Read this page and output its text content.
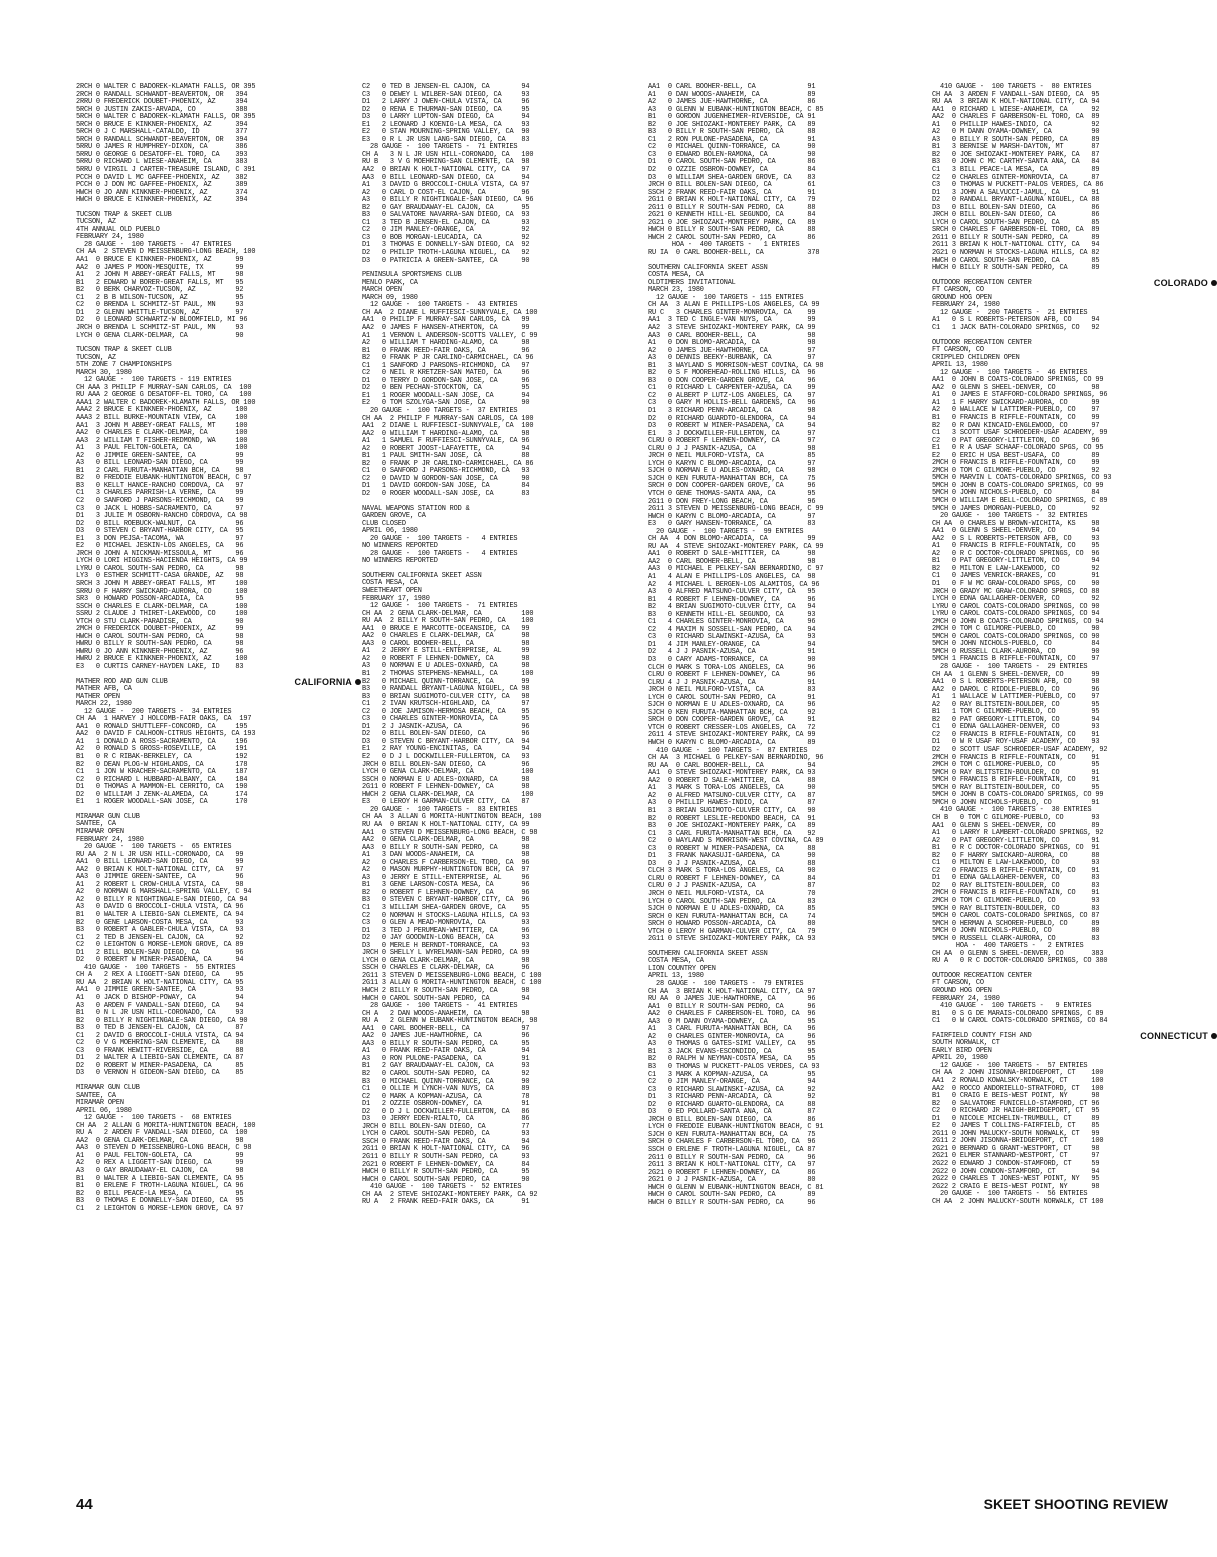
2RCH 0 WALTER C BADOREK-KLAMATH FALLS, OR 395
2RCH 0 RANDALL SCHWANDT-BEAVERTON, OR   394
2RRU 0 FREDERICK DOUBET-PHOENIX, AZ     394
5RCH 0 JUSTIN ZAKIS-ARVADA, CO          388
5RCH 0 WALTER C BADOREK-KLAMATH FALLS, OR 395
5RCH 0 BRUCE E KINKNER-PHOENIX, AZ      394
5RCH 0 J C MARSHALL-CATALDO, ID         377
5RCH 0 RANDALL SCHWANDT-BEAVERTON, OR   394
5RRU 0 JAMES R HUMPHREY-DIXON, CA       386
5RRU 0 GEORGE G DESATOFF-EL TORO, CA    393
5RRU 0 RICHARD L WIESE-ANAHEIM, CA      383
5RRU 0 VIRGIL J CARTER-TREASURE ISLAND, C 391
PCCH 0 DAVID L MC GAFFEE-PHOENIX, AZ    382
PCCH 0 J DON MC GAFFEE-PHOENIX, AZ      389
HWCH 0 JO ANN KINKNER-PHOENIX, AZ       374
HWCH 0 BRUCE E KINKNER-PHOENIX, AZ      394
TUCSON TRAP & SKEET CLUB
TUCSON, AZ
4TH ANNUAL OLD PUEBLO
FEBRUARY 24, 1980
28 GAUGE -  100 TARGETS -  47 ENTRIES
CH AA  2 STEVEN D MEISSENBURG-LONG BEACH, 100
AA1  0 BRUCE E KINKNER-PHOENIX, AZ      99
AA2  0 JAMES P MOON-MESQUITE, TX        99
A1   2 JOHN M ABBEY-GREAT FALLS, MT     98
B1   2 EDWARD W BORER-GREAT FALLS, MT   95
B2   0 BERK CHARVOZ-TUCSON, AZ          92
C1   2 B B WILSON-TUCSON, AZ            95
C2   0 BRENDA L SCHMITZ-ST PAUL, MN     93
D1   2 GLENN WHITTLE-TUCSON, AZ         97
D2   0 LEONARD SCHWARTZ-W BLOOMFIELD, MI 96
JRCH 0 BRENDA L SCHMITZ-ST PAUL, MN     93
LYCH 0 GENA CLARK-DELMAR, CA            90
TUCSON TRAP & SKEET CLUB
TUCSON, AZ
5TH ZONE 7 CHAMPIONSHIPS
MARCH 30, 1980
12 GAUGE -  100 TARGETS - 119 ENTRIES
CH AAA 3 PHILIP F MURRAY-SAN CARLOS, CA  100
RU AAA 2 GEORGE G DESATOFF-EL TORO, CA   100
AAA1 2 WALTER C BADOREK-KLAMATH FALLS, OR 100
AAA2 2 BRUCE E KINKNER-PHOENIX, AZ      100
AAA3 2 BILL BURKE-MOUNTAIN VIEW, CA     100
AA1  3 JOHN M ABBEY-GREAT FALLS, MT     100
AA2  0 CHARLES E CLARK-DELMAR, CA       100
AA3  2 WILLIAM T FISHER-REDMOND, WA     100
A1   3 PAUL FELTON-GOLETA, CA           100
A2   0 JIMMIE GREEN-SANTEE, CA          99
A3   0 BILL LEONARD-SAN DIEGO, CA       99
B1   2 CARL FURUTA-MANHATTAN BCH, CA    98
B2   0 FREDDIE EUBANK-HUNTINGTON BEACH, C 97
B3   0 KELLT HANCE-RANCHO CORDOVA, CA   97
C1   3 CHARLES PARRISH-LA VERNE, CA     99
C2   0 SANFORD J PARSONS-RICHMOND, CA   99
C3   0 JACK L HOBBS-SACRAMENTO, CA      97
D1   3 JULIE M OSBORN-RANCHO CORDOVA, CA 98
D2   0 BILL ROEBUCK-WALNUT, CA          96
D3   0 STEVEN C BRYANT-HARBOR CITY, CA  95
E1   3 DON PEJSA-TACOMA, WA             97
E2   0 MICHAEL JESKIN-LOS ANGELES, CA   96
JRCH 0 JOHN A NICKMAN-MISSOULA, MT      96
LYCH 0 LORI HIGGINS-HACIENDA HEIGHTS, CA 99
LYRU 0 CAROL SOUTH-SAN PEDRO, CA        98
LY3  0 ESTHER SCHMITT-CASA GRANDE, AZ   98
SRCH 3 JOHN M ABBEY-GREAT FALLS, MT     100
SRRU 0 F HARRY SWICKARD-AURORA, CO      100
SR3  0 HOWARD POSSON-ARCADIA, CA        95
SSCH 0 CHARLES E CLARK-DELMAR, CA       100
SSRU 2 CLAUDE J THIRET-LAKEWOOD, CO     100
VTCH 0 STU CLARK-PARADISE, CA           90
2MCH 0 FREDERICK DOUBET-PHOENIX, AZ     99
HWCH 0 CAROL SOUTH-SAN PEDRO, CA        98
HWRU 0 BILLY R SOUTH-SAN PEDRO, CA      98
HWRU 0 JO ANN KINKNER-PHOENIX, AZ       96
HWRU 2 BRUCE E KINKNER-PHOENIX, AZ      100
E3   0 CURTIS CARNEY-HAYDEN LAKE, ID    83
MATHER ROD AND GUN CLUB	CALIFORNIA
MATHER AFB, CA
MATHER OPEN
MARCH 22, 1980
12 GAUGE -  200 TARGETS -  34 ENTRIES
CH AA  1 HARVEY J HOLCOMB-FAIR OAKS, CA  197
AA1  0 RONALD SHUTTLEFF-CONCORD, CA     195
AA2  0 DAVID F CALHOON-CITRUS HEIGHTS, CA 193
A1   1 DONALD A ROSS-SACRAMENTO, CA     196
A2   0 RONALD S GROSS-ROSEVILLE, CA     191
B1   0 R C RIBAK-BERKELEY, CA           192
B2   0 DEAN PLOG-W HIGHLANDS, CA        178
C1   1 JON W KRACHER-SACRAMENTO, CA     187
C2   0 RICHARD L HUBBARD-ALBANY, CA     184
D1   0 THOMAS A MAMMON-EL CERRITO, CA   190
D2   0 WILLIAM J ZENK-ALAMEDA, CA       174
E1   1 ROGER WOODALL-SAN JOSE, CA       170
MIRAMAR GUN CLUB
SANTEE, CA
MIRAMAR OPEN
FEBRUARY 24, 1980
20 GAUGE -  100 TARGETS -  65 ENTRIES
RU AA  2 N L JR USN HILL-CORONADO, CA   99
AA1  0 BILL LEONARD-SAN DIEGO, CA       99
AA2  0 BRIAN K HOLT-NATIONAL CITY, CA   97
AA3  0 JIMMIE GREEN-SANTEE, CA          96
A1   2 ROBERT L CROW-CHULA VISTA, CA    98
A2   0 NORMAN G MARSHALL-SPRING VALLEY, C 94
A2   0 BILLY R NIGHTINGALE-SAN DIEGO, CA 94
A3   0 DAVID G BROCCOLI-CHULA VISTA, CA 96
B1   0 WALTER A LIEBIG-SAN CLEMENTE, CA 94
B2   0 GENE LARSON-COSTA MESA, CA       93
B3   0 ROBERT A GABLER-CHULA VISTA, CA  93
C1   2 TED B JENSEN-EL CAJON, CA        92
C2   0 LEIGHTON G MORSE-LEMON GROVE, CA 89
D1   2 BILL BOLEN-SAN DIEGO, CA         96
D2   0 ROBERT W MINER-PASADENA, CA      94
410 GAUGE -  100 TARGETS -  55 ENTRIES
CH A   2 REX A LIGGETT-SAN DIEGO, CA    95
RU AA  2 BRIAN K HOLT-NATIONAL CITY, CA 95
AA1  0 JIMMIE GREEN-SANTEE, CA          93
A1   0 JACK D BISHOP-POWAY, CA          94
A3   0 ARDEN F VANDALL-SAN DIEGO, CA    94
B1   0 N L JR USN HILL-CORONADO, CA     93
B2   0 BILLY R NIGHTINGALE-SAN DIEGO, CA 90
B3   0 TED B JENSEN-EL CAJON, CA        87
C1   2 DAVID G BROCCOLI-CHULA VISTA, CA 94
C2   0 V G MOEHRING-SAN CLEMENTE, CA    88
C3   0 FRANK HEWITT-RIVERSIDE, CA       88
D1   2 WALTER A LIEBIG-SAN CLEMENTE, CA 87
D2   0 ROBERT W MINER-PASADENA, CA      85
D3   0 VERNON H GIDEON-SAN DIEGO, CA    85
MIRAMAR GUN CLUB
SANTEE, CA
MIRAMAR OPEN
APRIL 06, 1980
12 GAUGE -  100 TARGETS -  68 ENTRIES
CH AA  2 ALLAN G MORITA-HUNTINGTON BEACH, 100
RU A   2 ARDEN F VANDALL-SAN DIEGO, CA  100
AA2  0 GENA CLARK-DELMAR, CA            98
AA3  0 STEVEN D MEISSENBURG-LONG BEACH, C 98
A1   0 PAUL FELTON-GOLETA, CA           99
A2   0 REX A LIGGETT-SAN DIEGO, CA      99
A3   0 GAY BRAUDAWAY-EL CAJON, CA       98
B1   0 WALTER A LIEBIG-SAN CLEMENTE, CA 95
B1   0 ERLENE F TROTH-LAGUNA NIGUEL, CA 96
B2   0 BILL PEACE-LA MESA, CA           95
B3   0 THOMAS E DONNELLY-SAN DIEGO, CA  95
C1   2 LEIGHTON G MORSE-LEMON GROVE, CA 97
C2   0 TED B JENSEN-EL CAJON, CA        94
C3   0 DEWEY L WILBER-SAN DIEGO, CA     93
D1   2 LARRY J OWEN-CHULA VISTA, CA     96
D2   0 RENA E THURMAN-SAN DIEGO, CA     95
D3   0 LARRY LUPTON-SAN DIEGO, CA       94
E1   2 LEONARD J KOENIG-LA MESA, CA     93
E2   0 STAN MOURNING-SPRING VALLEY, CA  90
E3   0 R L JR USN LANG-SAN DIEGO, CA    83
28 GAUGE -  100 TARGETS -  71 ENTRIES
CH A   3 N L JR USN HILL-CORONADO, CA   100
RU B   3 V G MOEHRING-SAN CLEMENTE, CA  98
AA2  0 BRIAN K HOLT-NATIONAL CITY, CA   97
AA3  0 BILL LEONARD-SAN DIEGO, CA       94
A1   3 DAVID G BROCCOLI-CHULA VISTA, CA 97
A2   0 CARL D COST-EL CAJON, CA         96
A3   0 BILLY R NIGHTINGALE-SAN DIEGO, CA 96
B2   0 GAY BRAUDAWAY-EL CAJON, CA       95
B3   0 SALVATORE NAVARRA-SAN DIEGO, CA  93
C1   3 TED B JENSEN-EL CAJON, CA        93
C2   0 JIM MANLEY-ORANGE, CA            92
C3   0 BOB MORGAN-LEUCADIA, CA          92
D1   3 THOMAS E DONNELLY-SAN DIEGO, CA  92
D2   0 PHILIP TROTH-LAGUNA NIGUEL, CA   92
D3   0 PATRICIA A GREEN-SANTEE, CA      90
PENINSULA SPORTSMENS CLUB
MENLO PARK, CA
MARCH OPEN
MARCH 09, 1980
12 GAUGE -  100 TARGETS -  43 ENTRIES
CH AA  2 DIANE L RUFFIESCI-SUNNYVALE, CA 100
AA1  0 PHILIP F MURRAY-SAN CARLOS, CA   99
AA2  0 JAMES F HANSEN-ATHERTON, CA      99
A1   1 VERNON L ANDERSON-SCOTTS VALLEY, C 99
A2   0 WILLIAM T HARDING-ALAMO, CA      98
B1   0 FRANK REED-FAIR OAKS, CA         96
B2   0 FRANK P JR CARLINO-CARMICHAEL, CA 96
C1   1 SANFORD J PARSONS-RICHMOND, CA   97
C2   0 NEIL R KRETZER-SAN MATEO, CA     96
D1   0 TERRY D GORDON-SAN JOSE, CA      96
D2   0 BEN PECHAN-STOCKTON, CA          95
E1   1 ROGER WOODALL-SAN JOSE, CA       94
E2   0 TOM SZOLYGA-SAN JOSE, CA         90
20 GAUGE -  100 TARGETS -  37 ENTRIES
CH AA  2 PHILIP F MURRAY-SAN CARLOS, CA 100
AA1  2 DIANE L RUFFIESCI-SUNNYVALE, CA  100
AA2  0 WILLIAM T HARDING-ALAMO, CA      98
A1   1 SAMUEL F RUFFIESCI-SUNNYVALE, CA 96
A2   0 ROBERT JOOST-LAFAYETTE, CA       94
B1   1 PAUL SMITH-SAN JOSE, CA          88
B2   0 FRANK P JR CARLINO-CARMICHAEL, CA 86
C1   0 SANFORD J PARSONS-RICHMOND, CA   93
C2   0 DAVID W GORDON-SAN JOSE, CA      90
D1   1 DAVID GORDON-SAN JOSE, CA        84
D2   0 ROGER WOODALL-SAN JOSE, CA       83
NAVAL WEAPONS STATION ROD &
GARDEN GROVE, CA
CLUB CLOSED
APRIL 06, 1980
20 GAUGE -  100 TARGETS -   4 ENTRIES
NO WINNERS REPORTED
28 GAUGE -  100 TARGETS -   4 ENTRIES
NO WINNERS REPORTED
SOUTHERN CALIFORNIA SKEET ASSN
COSTA MESA, CA
SWEETHEART OPEN
FEBRUARY 17, 1980
12 GAUGE -  100 TARGETS -  71 ENTRIES
CH AA  2 GENA CLARK-DELMAR, CA          100
RU AA  2 BILLY R SOUTH-SAN PEDRO, CA    100
AA1  0 BRUCE E MARCOTTE-OCEANSIDE, CA   99
AA2  0 CHARLES E CLARK-DELMAR, CA       98
AA3  0 CAROL BOOHER-BELL, CA            98
A1   2 JERRY E STILL-ENTERPRISE, AL     99
A2   0 ROBERT F LEHNEN-DOWNEY, CA       98
A3   0 NORMAN E U ADLES-OXNARD, CA      98
B1   2 THOMAS STEPHENS-NEWHALL, CA      100
B2   0 MICHAEL QUINN-TORRANCE, CA       99
B3   0 RANDALL BRYANT-LAGUNA NIGUEL, CA 98
B3   0 BRIAN SUGIMOTO-CULVER CITY, CA   98
C1   2 IVAN KRUTSCH-HIGHLAND, CA        97
C2   0 JOE JAMISON-HERMOSA BEACH, CA    95
C3   0 CHARLES GINTER-MONROVIA, CA      95
D1   2 J JASNIK-AZUSA, CA               96
D2   0 BILL BOLEN-SAN DIEGO, CA         96
D3   0 STEVEN C BRYANT-HARBOR CITY, CA  94
E1   2 RAY YOUNG-ENCINITAS, CA          94
E2   0 D J L DOCKWILLER-FULLERTON, CA   93
JRCH 0 BILL BOLEN-SAN DIEGO, CA         96
LYCH 0 GENA CLARK-DELMAR, CA            100
SSCH 0 NORMAN E U ADLES-OXNARD, CA      98
2G11 0 ROBERT F LEHNEN-DOWNEY, CA       98
HWCH 2 GENA CLARK-DELMAR, CA            100
E3   0 LEROY H GARMAN-CULVER CITY, CA   87
20 GAUGE -  100 TARGETS -  83 ENTRIES
CH AA  3 ALLAN G MORITA-HUNTINGTON BEACH, 100
RU AA  0 BRIAN K HOLT-NATIONAL CITY, CA 99
AA1  0 STEVEN D MEISSENBURG-LONG BEACH, C 98
AA2  0 GENA CLARK-DELMAR, CA            98
AA3  0 BILLY R SOUTH-SAN PEDRO, CA      98
A1   3 DAN WOODS-ANAHEIM, CA            98
A2   0 CHARLES F CARBERSON-EL TORO, CA  96
A2   0 MASON MURPHY-HUNTINGTON BCH, CA  97
A3   0 JERRY E STILL-ENTERPRISE, AL     96
B1   3 GENE LARSON-COSTA MESA, CA       96
B2   0 ROBERT F LEHNEN-DOWNEY, CA       96
B3   0 STEVEN C BRYANT-HARBOR CITY, CA  96
C1   3 WILLIAM SHEA-GARDEN GROVE, CA    95
C2   0 NORMAN H STOCKS-LAGUNA HILLS, CA 93
C3   0 GLEN A MEAD-MONROVIA, CA         93
D1   3 TED J PERUMEAN-WHITTIER, CA      96
D2   0 JAY GOODWIN-LONG BEACH, CA       93
D3   0 MERLE H BERNDT-TORRANCE, CA      93
JRCH 0 SHELLY L WYRELMANN-SAN PEDRO, CA 99
LYCH 0 GENA CLARK-DELMAR, CA            98
SSCH 0 CHARLES E CLARK-DELMAR, CA       96
2G11 3 STEVEN D MEISSENBURG-LONG BEACH, C 100
2G11 3 ALLAN G MORITA-HUNTINGTON BEACH, C 100
HWCH 2 BILLY R SOUTH-SAN PEDRO, CA      98
HWCH 0 CAROL SOUTH-SAN PEDRO, CA        94
28 GAUGE -  100 TARGETS -  41 ENTRIES
CH A   2 DAN WOODS-ANAHEIM, CA          98
RU A   2 GLENN W EUBANK-HUNTINGTON BEACH, 98
AA1  0 CARL BOOHER-BELL, CA             97
AA2  0 JAMES JUE-HAWTHORNE, CA          96
AA3  0 BILLY R SOUTH-SAN PEDRO, CA      95
A1   0 FRANK REED-FAIR OAKS, CA         94
A3   0 RON PULONE-PASADENA, CA          91
B1   2 GAY BRAUDAWAY-EL CAJON, CA       93
B2   0 CAROL SOUTH-SAN PEDRO, CA        92
B3   0 MICHAEL QUINN-TORRANCE, CA       90
C1   0 OLLIE M LYNCH-VAN NUYS, CA       89
C2   0 MARK A KOPMAN-AZUSA, CA          78
D1   2 OZZIE OSBRON-DOWNEY, CA          91
D2   0 D J L DOCKWILLER-FULLERTON, CA   86
D3   0 JERRY EDEN-RIALTO, CA            86
JRCH 0 BILL BOLEN-SAN DIEGO, CA         77
LYCH 0 CAROL SOUTH-SAN PEDRO, CA        93
SSCH 0 FRANK REED-FAIR OAKS, CA         94
2G11 0 BRIAN K HOLT-NATIONAL CITY, CA   96
2G11 0 BILLY R SOUTH-SAN PEDRO, CA      93
2G21 0 ROBERT F LEHNEN-DOWNEY, CA       84
HWCH 0 BILLY R SOUTH-SAN PEDRO, CA      95
HWCH 0 CAROL SOUTH-SAN PEDRO, CA        90
410 GAUGE -  100 TARGETS -  52 ENTRIES
CH AA  2 STEVE SHIOZAKI-MONTEREY PARK, CA 92
RU A   2 FRANK REED-FAIR OAKS, CA       91
AA1  0 CARL BOOHER-BELL, CA             91
A1   0 DAN WOODS-ANAHEIM, CA            89
A2   0 JAMES JUE-HAWTHORNE, CA          86
A3   0 GLENN W EUBANK-HUNTINGTON BEACH, C 85
B1   0 GORDON JUGENHEIMER-RIVERSIDE, CA 91
B2   0 JOE SHIOZAKI-MONTEREY PARK, CA   89
B3   0 BILLY R SOUTH-SAN PEDRO, CA      88
C1   2 RON PULONE-PASADENA, CA          91
C2   0 MICHAEL QUINN-TORRANCE, CA       90
C3   0 EDWARD BOLEN-RAMONA, CA          90
D1   0 CAROL SOUTH-SAN PEDRO, CA        86
D2   0 OZZIE OSBRON-DOWNEY, CA          84
D3   0 WILLIAM SHEA-GARDEN GROVE, CA    83
JRCH 0 BILL BOLEN-SAN DIEGO, CA         61
SSCH 2 FRANK REED-FAIR OAKS, CA         91
2G11 0 BRIAN K HOLT-NATIONAL CITY, CA   79
2G11 0 BILLY R SOUTH-SAN PEDRO, CA      88
2G21 0 KENNETH HILL-EL SEGUNDO, CA      84
2G21 0 JOE SHIOZAKI-MONTEREY PARK, CA   89
HWCH 0 BILLY R SOUTH-SAN PEDRO, CA      88
HWCH 2 CAROL SOUTH-SAN PEDRO, CA        86
HOA -  400 TARGETS -   1 ENTRIES
RU IA  0 CARL BOOHER-BELL, CA           378
SOUTHERN CALIFORNIA SKEET ASSN
COSTA MESA, CA
OLDTIMERS INVITATIONAL
MARCH 23, 1980
12 GAUGE -  100 TARGETS - 115 ENTRIES
CH AA  3 ALAN E PHILLIPS-LOS ANGELES, CA 99
RU C   3 CHARLES GINTER-MONROVIA, CA    99
AA1  3 TED C INGLE-VAN NUYS, CA         99
AA2  3 STEVE SHIOZAKI-MONTEREY PARK, CA 99
AA3  0 CARL BOOHER-BELL, CA             98
A1   0 DON BLOMO-ARCADIA, CA            98
A2   0 JAMES JUE-HAWTHORNE, CA          97
A3   0 DENNIS BEEKY-BURBANK, CA         97
B1   3 WAYLAND S MORRISON-WEST COVINA, CA 98
B2   0 S F MOOREHEAD-ROLLING HILLS, CA  96
B3   0 DON COOPER-GARDEN GROVE, CA      96
C1   0 RICHARD L CARPENTER-AZUSA, CA    99
C2   0 ALBERT P LUTZ-LOS ANGELES, CA    97
C3   0 GARY M HOLLIS-BELL GARDENS, CA   96
D1   3 RICHARD PENN-ARCADIA, CA         98
D2   0 RICHARD GUARDTO-GLENDORA, CA     94
D3   0 ROBERT W MINER-PASADENA, CA      94
E1   3 J DOCKWILLER-FULLERTON, CA       97
CLRU 0 ROBERT F LEHNEN-DOWNEY, CA       97
CLRU 0 J J PASNIK-AZUSA, CA             98
JRCH 0 NEIL MULFORD-VISTA, CA           85
LYCH 0 KARYN C BLOMO-ARCADIA, CA        97
SJCH 0 NORMAN E U ADLES-OXNARD, CA      98
SJCH 0 KEN FURUTA-MANHATTAN BCH, CA     75
SRCH 0 DON COOPER-GARDEN GROVE, CA      96
VTCH 0 GENE THOMAS-SANTA ANA, CA        95
2G11 0 DON FREY-LONG BEACH, CA          96
2G11 3 STEVEN D MEISSENBURG-LONG BEACH, C 99
HWCH 0 KARYN C BLOMO-ARCADIA, CA        97
E3   0 GARY HANSEN-TORRANCE, CA         83
20 GAUGE -  100 TARGETS -  99 ENTRIES
CH AA  4 DON BLOMO-ARCADIA, CA          99
RU AA  4 STEVE SHIOZAKI-MONTEREY PARK, CA 99
AA1  0 ROBERT D SALE-WHITTIER, CA       98
AA2  0 CARL BOOHER-BELL, CA             98
AA3  0 MICHAEL E PELKEY-SAN BERNARDINO, C 97
A1   4 ALAN E PHILLIPS-LOS ANGELES, CA  98
A2   4 MICHAEL L BERGEN-LOS ALAMITOS, CA 96
A3   0 ALFRED MATSUNO-CULVER CITY, CA   95
B1   4 ROBERT F LEHNEN-DOWNEY, CA       96
B2   4 BRIAN SUGIMOTO-CULVER CITY, CA   94
B3   0 KENNETH HILL-EL SEGUNDO, CA      93
C1   4 CHARLES GINTER-MONROVIA, CA      96
C2   4 MAXIM N SOSSELL-SAN PEDRO, CA    94
C3   0 RICHARD SLAWINSKI-AZUSA, CA      93
D1   4 JIM MANLEY-ORANGE, CA            94
D2   4 J J PASNIK-AZUSA, CA             91
D3   0 CARY ADAMS-TORRANCE, CA          90
CLCH 0 MARK S TORA-LOS ANGELES, CA      96
CLRU 0 ROBERT F LEHNEN-DOWNEY, CA       96
CLRU 4 J J PASNIK-AZUSA, CA             91
JRCH 0 NEIL MULFORD-VISTA, CA           83
LYCH 0 CAROL SOUTH-SAN PEDRO, CA        91
SJCH 0 NORMAN E U ADLES-OXNARD, CA      96
SJCH 0 KEN FURUTA-MANHATTAN BCH, CA     92
SRCH 0 DON COOPER-GARDEN GROVE, CA      91
VTCH 0 ROBERT CRESSER-LOS ANGELES, CA   72
2G11 4 STEVE SHIOZAKI-MONTEREY PARK, CA 99
HWCH 0 KARYN C BLOMO-ARCADIA, CA        89
410 GAUGE -  100 TARGETS -  87 ENTRIES
CH AA  3 MICHAEL G PELKEY-SAN BERNARDINO, 96
RU AA  0 CARL BOOHER-BELL, CA           94
AA1  0 STEVE SHIOZAKI-MONTEREY PARK, CA 93
AA2  0 ROBERT D SALE-WHITTIER, CA       88
A1   3 MARK S TORA-LOS ANGELES, CA      90
A2   0 ALFRED MATSUNO-CULVER CITY, CA   87
A3   0 PHILLIP HAWES-INDIO, CA          87
B1   3 BRIAN SUGIMOTO-CULVER CITY, CA   90
B2   0 ROBERT LESLIE-REDONDO BEACH, CA  91
B3   0 JOE SHIOZAKI-MONTEREY PARK, CA   89
C1   3 CARL FURUTA-MANHATTAN BCH, CA    92
C2   0 WAYLAND S MORRISON-WEST COVINA, CA 89
C3   0 ROBERT W MINER-PASADENA, CA      88
D1   3 FRANK NAKASUJI-GARDENA, CA       90
D3   0 J J PASNIK-AZUSA, CA             88
CLCH 3 MARK S TORA-LOS ANGELES, CA      90
CLRU 0 ROBERT F LEHNEN-DOWNEY, CA       84
CLRU 0 J J PASNIK-AZUSA, CA             87
JRCH 0 NEIL MULFORD-VISTA, CA           70
LYCH 0 CAROL SOUTH-SAN PEDRO, CA        83
SJCH 0 NORMAN E U ADLES-OXNARD, CA      85
SRCH 0 KEN FURUTA-MANHATTAN BCH, CA     74
SRCH 0 HOWARD POSSON-ARCADIA, CA        80
VTCH 0 LEROY H GARMAN-CULVER CITY, CA   79
2G11 0 STEVE SHIOZAKI-MONTEREY PARK, CA 93
SOUTHERN CALIFORNIA SKEET ASSN
COSTA MESA, CA
LION COUNTRY OPEN
APRIL 13, 1980
28 GAUGE -  100 TARGETS -  79 ENTRIES
CH AA  3 BRIAN K HOLT-NATIONAL CITY, CA 97
RU AA  0 JAMES JUE-HAWTHORNE, CA        96
AA1  0 BILLY R SOUTH-SAN PEDRO, CA      96
AA2  0 CHARLES F CARBERSON-EL TORO, CA  96
AA3  0 M DANN OYAMA-DOWNEY, CA          95
A1   3 CARL FURUTA-MANHATTAN BCH, CA    96
A2   0 CHARLES GINTER-MONROVIA, CA      96
A3   0 THOMAS G GATES-SIMI VALLEY, CA   95
B1   3 JACK EVANS-ESCONDIDO, CA         95
B2   0 RALPH W NEYMAN-COSTA MESA, CA    95
B3   0 THOMAS W PUCKETT-PALOS VERDES, CA 93
C1   3 MARK A KOPMAN-AZUSA, CA          95
C2   0 JIM MANLEY-ORANGE, CA            94
C3   0 RICHARD SLAWINSKI-AZUSA, CA      92
D1   3 RICHARD PENN-ARCADIA, CA         92
D2   0 RICHARD GUARTO-GLENDORA, CA      88
D3   0 ED POLLARD-SANTA ANA, CA         87
JRCH 0 BILL BOLEN-SAN DIEGO, CA         86
LYCH 0 FREDDIE EUBANK-HUNTINGTON BEACH, C 91
SJCH 0 KEN FURUTA-MANHATTAN BCH, CA     75
SRCH 0 CHARLES F CARBERSON-EL TORO, CA  96
SSCH 0 ERLENE F TROTH-LAGUNA NIGUEL, CA 87
2G11 0 BILLY R SOUTH-SAN PEDRO, CA      96
2G11 3 BRIAN K HOLT-NATIONAL CITY, CA   97
2G21 0 ROBERT F LEHNEN-DOWNEY, CA       86
2G21 0 J J PASNIK-AZUSA, CA             80
HWCH 0 GLENN W EUBANK-HUNTINGTON BEACH, C 81
HWCH 0 CAROL SOUTH-SAN PEDRO, CA        89
HWCH 0 BILLY R SOUTH-SAN PEDRO, CA      96
410 GAUGE -  100 TARGETS -  80 ENTRIES
CH AA  3 ARDEN F VANDALL-SAN DIEGO, CA  95
RU AA  3 BRIAN K HOLT-NATIONAL CITY, CA 94
AA1  0 RICHARD L WIESE-ANAHEIM, CA      92
AA2  0 CHARLES F GARBERSON-EL TORO, CA  89
A1   0 PHILLIP HAWES-INDIO, CA          92
A2   0 M DANN OYAMA-DOWNEY, CA          90
A3   0 BILLY R SOUTH-SAN PEDRO, CA      89
B1   3 BERNISE W MARSH-DAYTON, MT       87
B2   0 JOE SHIOZAKI-MONTEREY PARK, CA   87
B3   0 JOHN C MC CARTHY-SANTA ANA, CA   84
C1   3 BILL PEACE-LA MESA, CA           89
C2   0 CHARLES GINTER-MONROVIA, CA      87
C3   0 THOMAS W PUCKETT-PALOS VERDES, CA 86
D1   3 JOHN A SALVUCCI-JAMUL, CA        91
D2   0 RANDALL BRYANT-LAGUNA NIGUEL, CA 88
D3   0 BILL BOLEN-SAN DIEGO, CA         86
JRCH 0 BILL BOLEN-SAN DIEGO, CA         86
LYCH 0 CAROL SOUTH-SAN PEDRO, CA        85
SRCH 0 CHARLES F GARBERSON-EL TORO, CA  89
2G11 0 BILLY R SOUTH-SAN PEDRO, CA      89
2G11 3 BRIAN K HOLT-NATIONAL CITY, CA   94
2G21 0 NORMAN H STOCKS-LAGUNA HILLS, CA 82
HWCH 0 CAROL SOUTH-SAN PEDRO, CA        85
HWCH 0 BILLY R SOUTH-SAN PEDRO, CA      89
OUTDOOR RECREATION CENTER	COLORADO
FT CARSON, CO
GROUND HOG OPEN
FEBRUARY 24, 1980
12 GAUGE -  200 TARGETS -  21 ENTRIES
A1   0 S L ROBERTS-PETERSON AFB, CO     94
C1   1 JACK BATH-COLORADO SPRINGS, CO   92
OUTDOOR RECREATION CENTER
FT CARSON, CO
CRIPPLED CHILDREN OPEN
APRIL 13, 1980
12 GAUGE -  100 TARGETS -  46 ENTRIES
AA1  0 JOHN B COATS-COLORADO SPRINGS, CO 99
AA2  0 GLENN S SHEEL-DENVER, CO         98
A1   0 JAMES E STAFFORD-COLORADO SPRINGS, 96
A1   1 F HARRY SWICKARD-AURORA, CO      99
A2   0 WALLACE W LATTIMER-PUEBLO, CO    97
B1   0 FRANCIS B RIFFLE-FOUNTAIN, CO    99
B2   0 R DAN KINCAID-ENGLEWOOD, CO      97
C1   3 SCOTT USAF SCHROEDER-USAF ACADEMY, 99
C2   0 PAT GREGORY-LITTLETON, CO        96
E1   0 R A USAF SCHAAF-COLORADO SPGS, CO 95
E2   0 ERIC H USA BEST-USAFA, CO        89
2MCH 0 FRANCIS B RIFFLE-FOUNTAIN, CO    99
2MCH 0 TOM C GILMORE-PUEBLO, CO         92
5MCH 0 MARVIN L COATS-COLORADO SPRINGS, CO 93
5MCH 0 JOHN B COATS-COLORADO SPRINGS, CO 99
5MCH 0 JOHN NICHOLS-PUEBLO, CO          84
5MCH 0 WILLIAM E BELL-COLORADO SPRINGS, C 89
5MCH 0 JAMES DMORGAN-PUEBLO, CO         92
20 GAUGE -  100 TARGETS -  32 ENTRIES
CH AA  0 CHARLES W BROWN-WICHITA, KS    98
AA1  0 GLENN S SHEEL-DENVER, CO         94
AA2  0 S L ROBERTS-PETERSON AFB, CO     93
A1   0 FRANCIS B RIFFLE-FOUNTAIN, CO    95
A2   0 R C DOCTOR-COLORADO SPRINGS, CO  96
B1   0 PAT GREGORY-LITTLETON, CO        94
B2   0 MILTON E LAW-LAKEWOOD, CO        92
C1   0 JAMES VENRICK-BRAKES, CO         91
D1   0 F W MC GRAW-COLORADO SPGS, CO    90
JRCH 0 GRADY MC GRAW-COLORADO SPRGS, CO 88
LYCH 0 EDNA GALLAGHER-DENVER, CO        92
LYRU 0 CAROL COATS-COLORADO SPRINGS, CO 90
LYRU 0 CAROL COATS-COLORADO SPRINGS, CO 94
2MCH 0 JOHN B COATS-COLORADO SPRINGS, CO 94
2MCH 0 TOM C GILMORE-PUEBLO, CO         90
5MCH 0 CAROL COATS-COLORADO SPRINGS, CO 90
5MCH 0 JOHN NICHOLS-PUEBLO, CO          84
5MCH 0 RUSSELL CLARK-AURORA, CO         90
5MCH 1 FRANCIS B RIFFLE-FOUNTAIN, CO    97
28 GAUGE -  100 TARGETS -  29 ENTRIES
CH AA  1 GLENN S SHEEL-DENVER, CO       99
AA1  0 S L ROBERTS-PETERSON AFB, CO     98
AA2  0 DAROL C RIDDLE-PUEBLO, CO        96
A1   1 WALLACE W LATTIMER-PUEBLO, CO    97
A2   0 RAY BLITSTEIN-BOULDER, CO        95
B1   1 TOM C GILMORE-PUEBLO, CO         95
B2   0 PAT GREGORY-LITTLETON, CO        94
C1   0 EDNA GALLAGHER-DENVER, CO        93
C2   0 FRANCIS B RIFFLE-FOUNTAIN, CO    91
D1   0 W R USAF ROY-USAF ACADEMY, CO    93
D2   0 SCOTT USAF SCHROEDER-USAF ACADEMY, 92
2MCH 0 FRANCIS B RIFFLE-FOUNTAIN, CO    91
2MCH 0 TOM C GILMORE-PUEBLO, CO         95
5MCH 0 RAY BLITSTEIN-BOULDER, CO        91
5MCH 0 FRANCIS B RIFFLE-FOUNTAIN, CO    91
5MCH 0 RAY BLITSTEIN-BOULDER, CO        95
5MCH 0 JOHN B COATS-COLORADO SPRINGS, CO 99
5MCH 0 JOHN NICHOLS-PUEBLO, CO          91
410 GAUGE -  100 TARGETS -  30 ENTRIES
CH B   0 TOM C GILMORE-PUEBLO, CO       93
AA1  0 GLENN S SHEEL-DENVER, CO         89
A1   0 LARRY R LAMBERT-COLORADO SPRINGS, 92
A2   0 PAT GREGORY-LITTLETON, CO        91
B1   0 R C DOCTOR-COLORADO SPRINGS, CO  91
B2   0 F HARRY SWICKARD-AURORA, CO      88
C1   0 MILTON E LAW-LAKEWOOD, CO        93
C2   0 FRANCIS B RIFFLE-FOUNTAIN, CO    91
D1   0 EDNA GALLAGHER-DENVER, CO        83
D2   0 RAY BLITSTEIN-BOULDER, CO        83
2MCH 0 FRANCIS B RIFFLE-FOUNTAIN, CO    91
2MCH 0 TOM C GILMORE-PUEBLO, CO         93
5MCH 0 RAY BLITSTEIN-BOULDER, CO        83
5MCH 0 CAROL COATS-COLORADO SPRINGS, CO 87
5MCH 0 HERMAN A SCHORER-PUEBLO, CO      89
5MCH 0 JOHN NICHOLS-PUEBLO, CO          80
5MCH 0 RUSSELL CLARK-AURORA, CO         83
HOA -  400 TARGETS -   2 ENTRIES
CH AA  0 GLENN S SHEEL-DENVER, CO       383
RU A   0 R C DOCTOR-COLORADO SPRINGS, CO 380
OUTDOOR RECREATION CENTER
FT CARSON, CO
GROUND HOG OPEN
FEBRUARY 24, 1980
410 GAUGE -  100 TARGETS -   9 ENTRIES
B1   0 S G DE MARAIS-COLORADO SPRINGS, C 89
C1   0 W CAROL COATS-COLORADO SPRINGS, CO 84
FAIRFIELD COUNTY FISH AND	CONNECTICUT
SOUTH NORWALK, CT
EARLY BIRD OPEN
APRIL 20, 1980
12 GAUGE -  100 TARGETS -  57 ENTRIES
CH AA  2 JOHN JISONNA-BRIDGEPORT, CT    100
AA1  2 RONALD KOWALSKY-NORWALK, CT      100
AA2  0 ROCCO ANDORIELLO-STRATFORD, CT   100
B1   0 CRAIG E BEIS-WEST POINT, NY      98
B2   0 SALVATORE FUNICELLO-STAMFORD, CT 96
C2   0 RICHARD JR HAIGH-BRIDGEPORT, CT  95
D1   0 NICOLE MICHELIN-TRUMBULL, CT     89
E2   0 JAMES T COLLINS-FAIRFIELD, CT    85
2G11 0 JOHN MALUCKY-SOUTH NORWALK, CT   99
2G11 2 JOHN JISONNA-BRIDGEPORT, CT      100
2G21 0 BERNARD G GRANT-WESTPORT, CT     98
2G21 0 ELMER STANNARD-WESTPORT, CT      97
2G22 0 EDWARD J CONDON-STAMFORD, CT     59
2G22 0 JOHN CONDON-STAMFORD, CT         94
2G22 0 CHARLES T JONES-WEST POINT, NY   95
2G22 2 CRAIG E BEIS-WEST POINT, NY      98
20 GAUGE -  100 TARGETS -  56 ENTRIES
CH AA  2 JOHN MALUCKY-SOUTH NORWALK, CT 100
44	SKEET SHOOTING REVIEW
